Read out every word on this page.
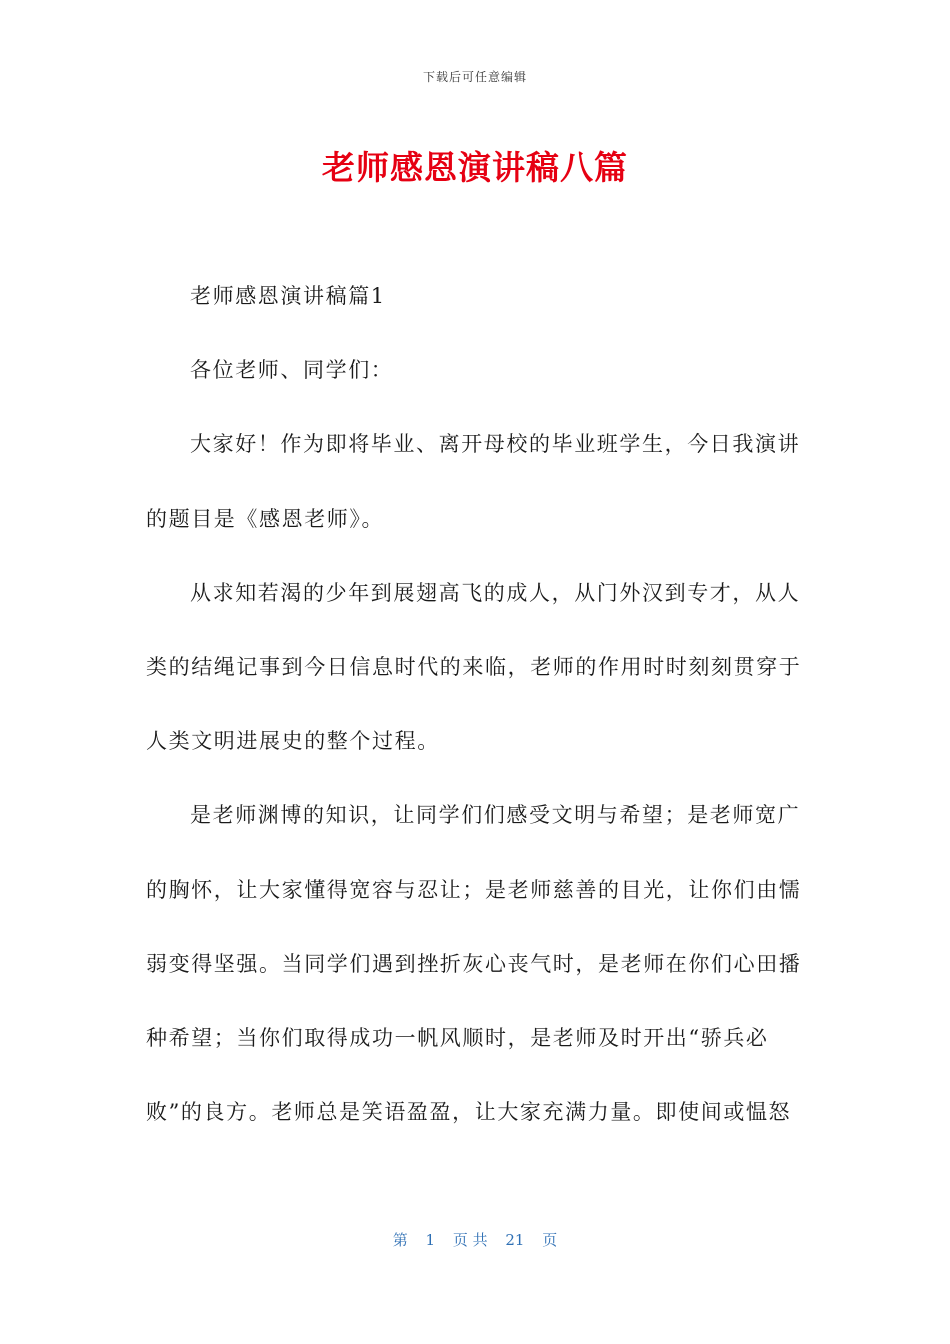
下载后可任意编辑
老师感恩演讲稿八篇
老师感恩演讲稿篇1
各位老师、同学们：
大家好！作为即将毕业、离开母校的毕业班学生，今日我演讲
的题目是《感恩老师》。
从求知若渴的少年到展翅高飞的成人，从门外汉到专才，从人
类的结绳记事到今日信息时代的来临，老师的作用时时刻刻贯穿于
人类文明进展史的整个过程。
是老师渊博的知识，让同学们们感受文明与希望；是老师宽广
的胸怀，让大家懂得宽容与忍让；是老师慈善的目光，让你们由懦
弱变得坚强。当同学们遇到挫折灰心丧气时，是老师在你们心田播
种希望；当你们取得成功一帆风顺时，是老师及时开出“骄兵必
败”的良方。老师总是笑语盈盈，让大家充满力量。即使间或愠怒
第 1 页 共 21 页
